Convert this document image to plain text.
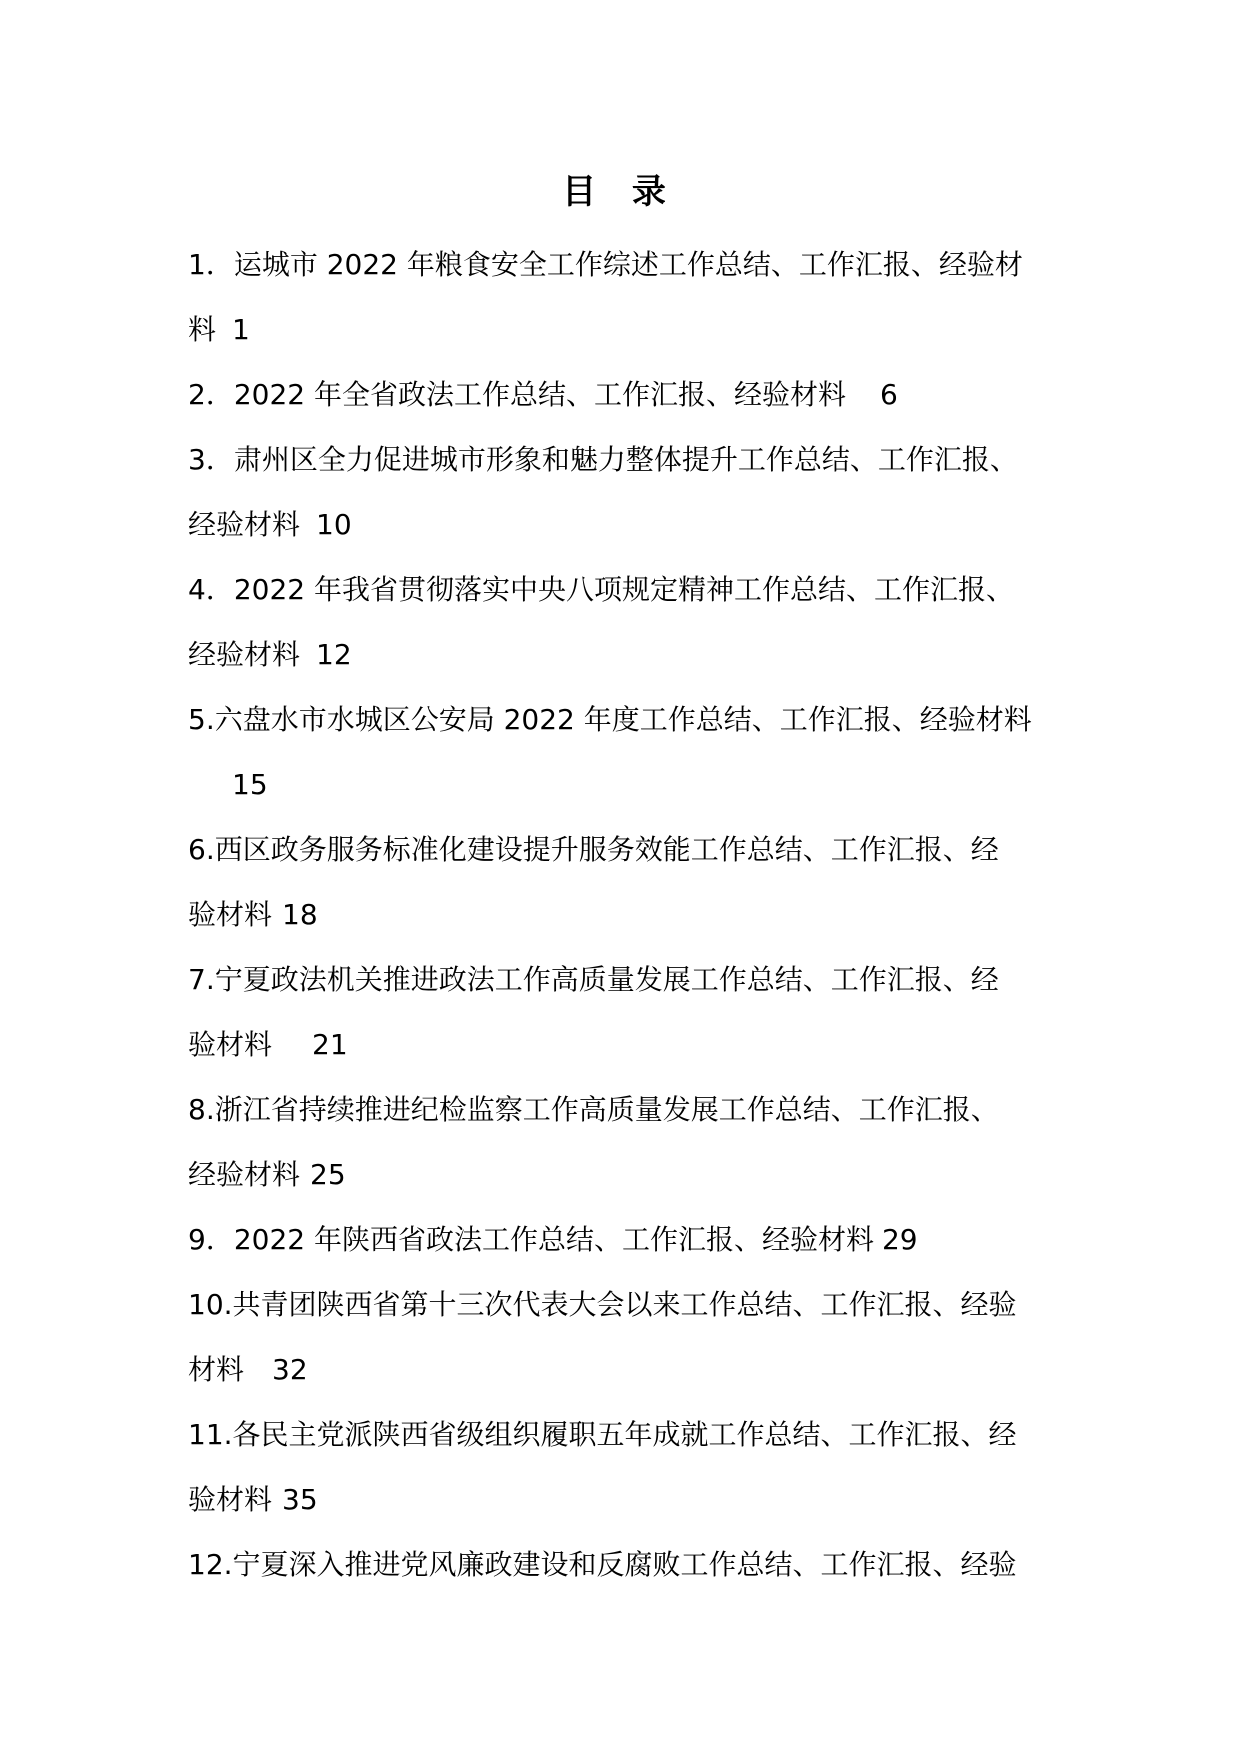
目 录
1．运城市 2022 年粮食安全工作综述工作总结、工作汇报、经验材
料 1
2．2022 年全省政法工作总结、工作汇报、经验材料 6
3．肃州区全力促进城市形象和魅力整体提升工作总结、工作汇报、
经验材料 10
4．2022 年我省贯彻落实中央八项规定精神工作总结、工作汇报、
经验材料 12
5.六盘水市水城区公安局 2022 年度工作总结、工作汇报、经验材料
15
6.西区政务服务标准化建设提升服务效能工作总结、工作汇报、经
验材料 18
7.宁夏政法机关推进政法工作高质量发展工作总结、工作汇报、经
验材料 21
8.浙江省持续推进纪检监察工作高质量发展工作总结、工作汇报、
经验材料 25
9．2022 年陕西省政法工作总结、工作汇报、经验材料 29
10.共青团陕西省第十三次代表大会以来工作总结、工作汇报、经验
材料 32
11.各民主党派陕西省级组织履职五年成就工作总结、工作汇报、经
验材料 35
12.宁夏深入推进党风廉政建设和反腐败工作总结、工作汇报、经验
